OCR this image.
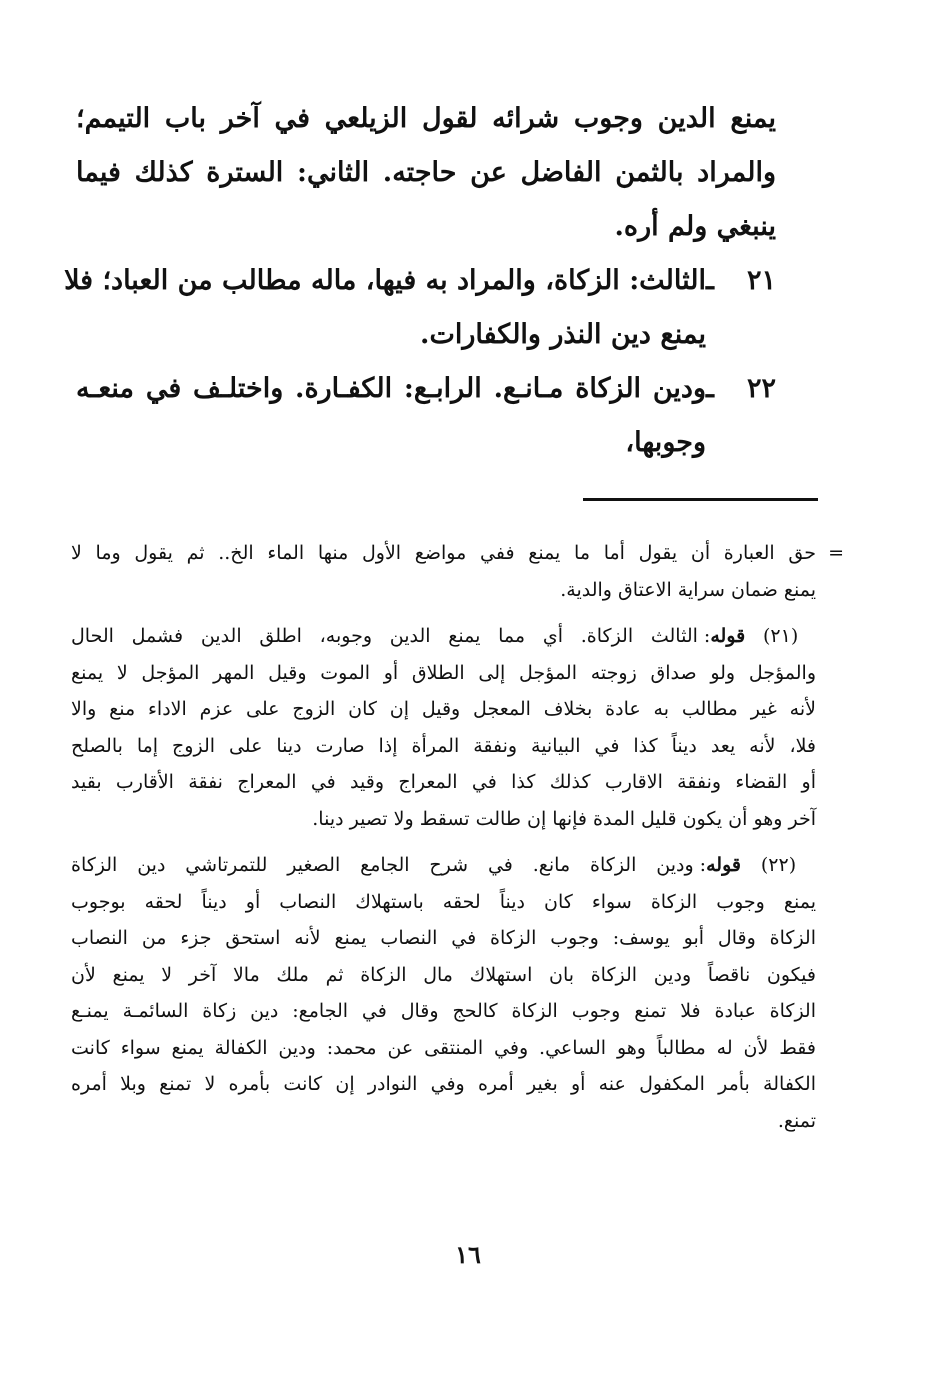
يمنع الدين وجوب شرائه لقول الزيلعي في آخر باب التيمم؛
والمراد بالثمن الفاضل عن حاجته. الثاني: السترة كذلك فيما
ينبغي ولم أره.
٢١ ـالثالث: الزكاة، والمراد به فيها، ماله مطالب من العباد؛ فلا
يمنع دين النذر والكفارات.
٢٢ ـودين الزكاة مـانـع. الرابـع: الكفـارة. واختلـف في منعـه
وجوبها،
=
حق العبارة أن يقول أما ما يمنع ففي مواضع الأول منها الماء الخ.. ثم يقول وما لا
يمنع ضمان سراية الاعتاق والدية.
(٢١) قوله: الثالث الزكاة. أي مما يمنع الدين وجوبه، اطلق الدين فشمل الحال
والمؤجل ولو صداق زوجته المؤجل إلى الطلاق أو الموت وقيل المهر المؤجل لا يمنع
لأنه غير مطالب به عادة بخلاف المعجل وقيل إن كان الزوج على عزم الاداء منع والا
فلا، لأنه يعد ديناً كذا في البيانية ونفقة المرأة إذا صارت دينا على الزوج إما بالصلح
أو القضاء ونفقة الاقارب كذلك كذا في المعراج وقيد في المعراج نفقة الأقارب بقيد
آخر وهو أن يكون قليل المدة فإنها إن طالت تسقط ولا تصير دينا.
(٢٢) قوله: ودين الزكاة مانع. في شرح الجامع الصغير للتمرتاشي دين الزكاة
يمنع وجوب الزكاة سواء كان ديناً لحقه باستهلاك النصاب أو ديناً لحقه بوجوب
الزكاة وقال أبو يوسف: وجوب الزكاة في النصاب يمنع لأنه استحق جزء من النصاب
فيكون ناقصاً ودين الزكاة بان استهلاك مال الزكاة ثم ملك مالا آخر لا يمنع لأن
الزكاة عبادة فلا تمنع وجوب الزكاة كالحج وقال في الجامع: دين زكاة السائمـة يمنـع
فقط لأن له مطالباً وهو الساعي. وفي المنتقى عن محمد: ودين الكفالة يمنع سواء كانت
الكفالة بأمر المكفول عنه أو بغير أمره وفي النوادر إن كانت بأمره لا تمنع وبلا أمره
تمنع.
١٦
